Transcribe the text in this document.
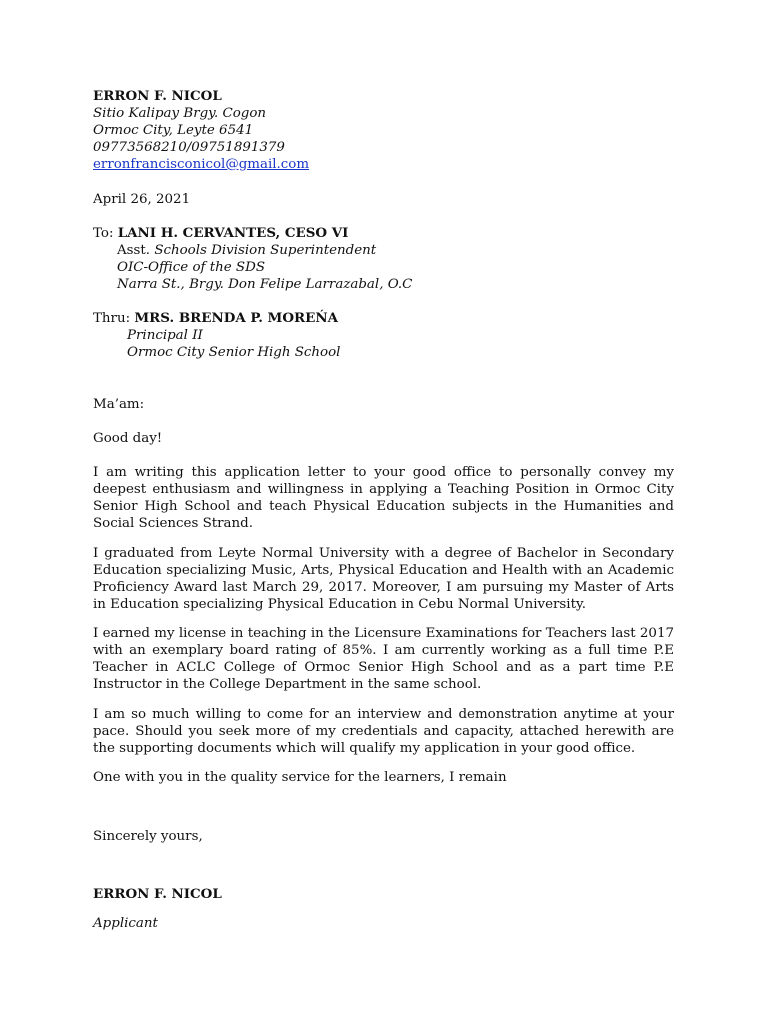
ERRON F. NICOL
Sitio Kalipay Brgy. Cogon
Ormoc City, Leyte 6541
09773568210/09751891379
erronfrancisconicol@gmail.com
April 26, 2021
To: LANI H. CERVANTES, CESO VI
Asst. Schools Division Superintendent
OIC-Office of the SDS
Narra St., Brgy. Don Felipe Larrazabal, O.C
Thru: MRS. BRENDA P. MOREŃA
Principal II
Ormoc City Senior High School
Ma’am:
Good day!

I am writing this application letter to your good office to personally convey my deepest enthusiasm and willingness in applying a Teaching Position in Ormoc City Senior High School and teach Physical Education subjects in the Humanities and Social Sciences Strand.

I graduated from Leyte Normal University with a degree of Bachelor in Secondary Education specializing Music, Arts, Physical Education and Health with an Academic Proficiency Award last March 29, 2017. Moreover, I am pursuing my Master of Arts in Education specializing Physical Education in Cebu Normal University.

I earned my license in teaching in the Licensure Examinations for Teachers last 2017 with an exemplary board rating of 85%. I am currently working as a full time P.E Teacher in ACLC College of Ormoc Senior High School and as a part time P.E Instructor in the College Department in the same school.

I am so much willing to come for an interview and demonstration anytime at your pace. Should you seek more of my credentials and capacity, attached herewith are the supporting documents which will qualify my application in your good office.

One with you in the quality service for the learners, I remain
Sincerely yours,
ERRON F. NICOL
Applicant
